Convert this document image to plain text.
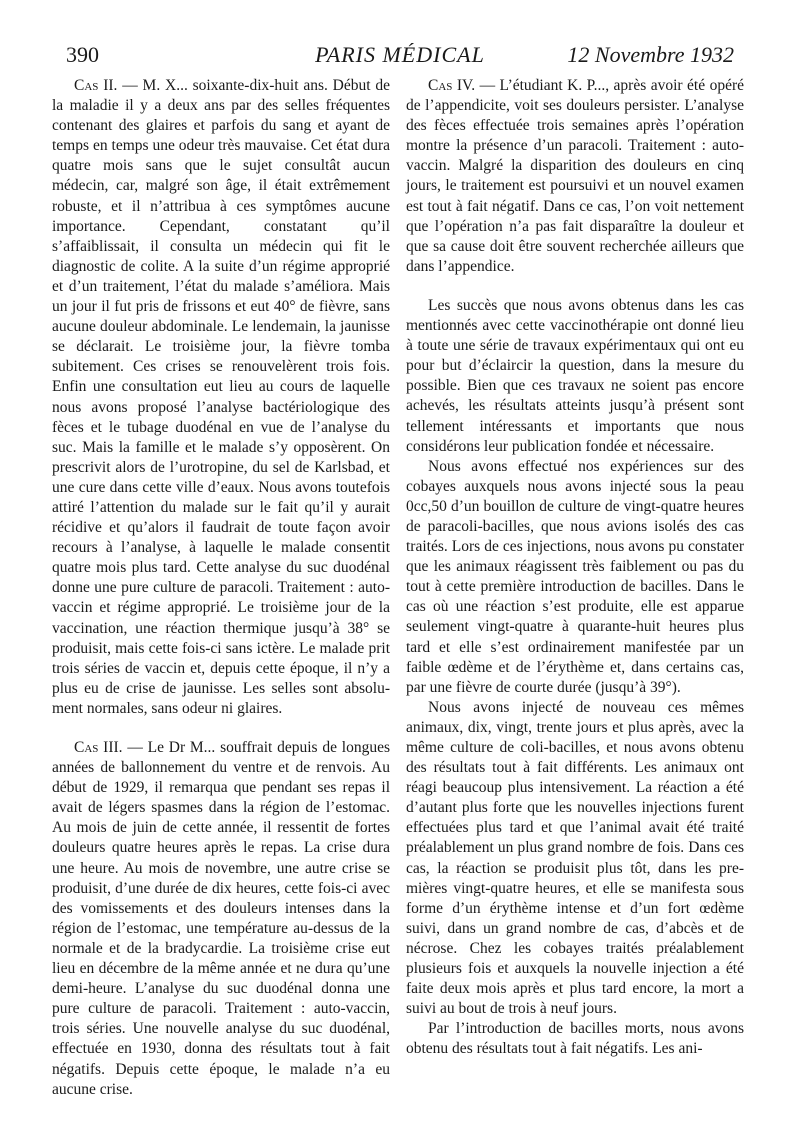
390	PARIS MÉDICAL	12 Novembre 1932

Cas II. — M. X... soixante-dix-huit ans. Début de la maladie il y a deux ans par des selles fréquentes contenant des glaires et parfois du sang et ayant de temps en temps une odeur très mauvaise. Cet état dura quatre mois sans que le sujet consultât aucun médecin, car, malgré son âge, il était extrêmement robuste, et il n’attribua à ces symptômes aucune importance. Cependant, constatant qu’il s’affaiblissait, il consulta un médecin qui fit le diagnostic de colite. A la suite d’un régime approprié et d’un traitement, l’état du malade s’améliora. Mais un jour il fut pris de frissons et eut 40° de fièvre, sans aucune douleur abdominale. Le lendemain, la jaunisse se déclarait. Le troisième jour, la fièvre tomba subitement. Ces crises se renouvelèrent trois fois. Enfin une consultation eut lieu au cours de laquelle nous avons proposé l’analyse bactériologique des fèces et le tubage duodénal en vue de l’analyse du suc. Mais la famille et le malade s’y opposèrent. On prescrivit alors de l’urotropine, du sel de Karlsbad, et une cure dans cette ville d’eaux. Nous avons toutefois attiré l’attention du malade sur le fait qu’il y aurait récidive et qu’alors il faudrait de toute façon avoir recours à l’analyse, à laquelle le malade consentit quatre mois plus tard. Cette analyse du suc duodénal donne une pure culture de paracoli. Traitement : auto-vaccin et régime approprié. Le troisième jour de la vaccination, une réaction thermique jusqu’à 38° se produisit, mais cette fois-ci sans ictère. Le malade prit trois séries de vaccin et, depuis cette époque, il n’y a plus eu de crise de jaunisse. Les selles sont absolument normales, sans odeur ni glaires.

Cas III. — Le Dr M... souffrait depuis de longues années de ballonnement du ventre et de renvois. Au début de 1929, il remarqua que pendant ses repas il avait de légers spasmes dans la région de l’estomac. Au mois de juin de cette année, il ressentit de fortes douleurs quatre heures après le repas. La crise dura une heure. Au mois de novembre, une autre crise se produisit, d’une durée de dix heures, cette fois-ci avec des vomissements et des douleurs intenses dans la région de l’estomac, une température au-dessus de la normale et de la bradycardie. La troisième crise eut lieu en décembre de la même année et ne dura qu’une demi-heure. L’analyse du suc duodénal donna une pure culture de paracoli. Traitement : auto-vaccin, trois séries. Une nouvelle analyse du suc duodénal, effectuée en 1930, donna des résultats tout à fait négatifs. Depuis cette époque, le malade n’a eu aucune crise.

Cas IV. — L’étudiant K. P..., après avoir été opéré de l’appendicite, voit ses douleurs persister. L’analyse des fèces effectuée trois semaines après l’opération montre la présence d’un paracoli. Traitement : auto-vaccin. Malgré la disparition des douleurs en cinq jours, le traitement est poursuivi et un nouvel examen est tout à fait négatif. Dans ce cas, l’on voit nettement que l’opération n’a pas fait disparaître la douleur et que sa cause doit être souvent recherchée ailleurs que dans l’appendice.

Les succès que nous avons obtenus dans les cas mentionnés avec cette vaccinothérapie ont donné lieu à toute une série de travaux expérimentaux qui ont eu pour but d’éclaircir la question, dans la mesure du possible. Bien que ces travaux ne soient pas encore achevés, les résultats atteints jusqu’à présent sont tellement intéressants et importants que nous considérons leur publication fondée et nécessaire.

Nous avons effectué nos expériences sur des cobayes auxquels nous avons injecté sous la peau 0cc,50 d’un bouillon de culture de vingt-quatre heures de paracoli-bacilles, que nous avions isolés des cas traités. Lors de ces injections, nous avons pu constater que les animaux réagissent très faiblement ou pas du tout à cette première introduction de bacilles. Dans le cas où une réaction s’est produite, elle est apparue seulement vingt-quatre à quarante-huit heures plus tard et elle s’est ordinairement manifestée par un faible œdème et de l’érythème et, dans certains cas, par une fièvre de courte durée (jusqu’à 39°).

Nous avons injecté de nouveau ces mêmes animaux, dix, vingt, trente jours et plus après, avec la même culture de coli-bacilles, et nous avons obtenu des résultats tout à fait différents. Les animaux ont réagi beaucoup plus intensivement. La réaction a été d’autant plus forte que les nouvelles injections furent effectuées plus tard et que l’animal avait été traité préalablement un plus grand nombre de fois. Dans ces cas, la réaction se produisit plus tôt, dans les premières vingt-quatre heures, et elle se manifesta sous forme d’un érythème intense et d’un fort œdème suivi, dans un grand nombre de cas, d’abcès et de nécrose. Chez les cobayes traités préalablement plusieurs fois et auxquels la nouvelle injection a été faite deux mois après et plus tard encore, la mort a suivi au bout de trois à neuf jours.

Par l’introduction de bacilles morts, nous avons obtenu des résultats tout à fait négatifs. Les ani-
